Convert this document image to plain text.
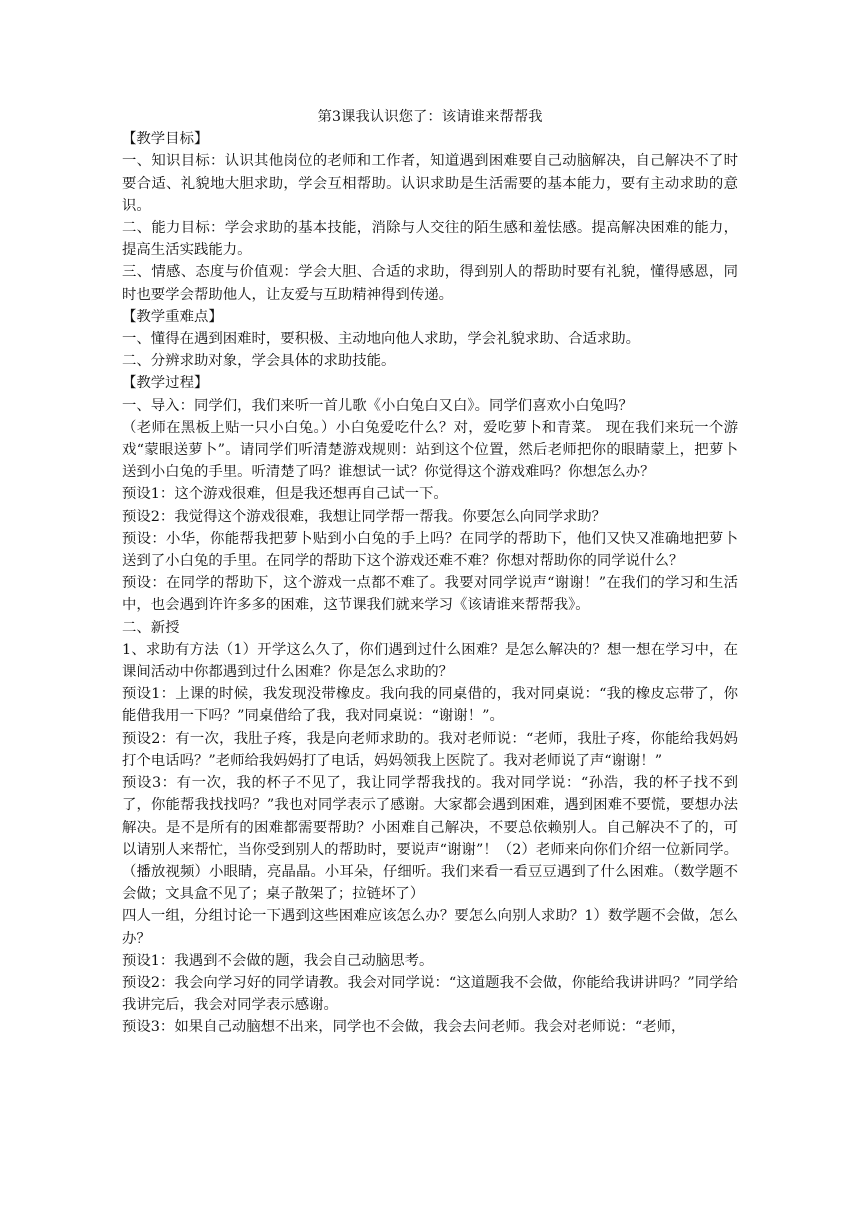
第3课我认识您了：该请谁来帮帮我

【教学目标】

一、知识目标：认识其他岗位的老师和工作者，知道遇到困难要自己动脑解决，自己解决不了时要合适、礼貌地大胆求助，学会互相帮助。认识求助是生活需要的基本能力，要有主动求助的意识。

二、能力目标：学会求助的基本技能，消除与人交往的陌生感和羞怯感。提高解决困难的能力，提高生活实践能力。

三、情感、态度与价值观：学会大胆、合适的求助，得到别人的帮助时要有礼貌，懂得感恩，同时也要学会帮助他人，让友爱与互助精神得到传递。

【教学重难点】

一、懂得在遇到困难时，要积极、主动地向他人求助，学会礼貌求助、合适求助。

二、分辨求助对象，学会具体的求助技能。

【教学过程】

一、导入：同学们，我们来听一首儿歌《小白兔白又白》。同学们喜欢小白兔吗？

（老师在黑板上贴一只小白兔。）小白兔爱吃什么？对，爱吃萝卜和青菜。 现在我们来玩一个游戏“蒙眼送萝卜”。请同学们听清楚游戏规则：站到这个位置，然后老师把你的眼睛蒙上，把萝卜送到小白兔的手里。听清楚了吗？谁想试一试？你觉得这个游戏难吗？你想怎么办？

预设1：这个游戏很难，但是我还想再自己试一下。

预设2：我觉得这个游戏很难，我想让同学帮一帮我。你要怎么向同学求助？

预设：小华，你能帮我把萝卜贴到小白兔的手上吗？在同学的帮助下，他们又快又准确地把萝卜送到了小白兔的手里。在同学的帮助下这个游戏还难不难？你想对帮助你的同学说什么？

预设：在同学的帮助下，这个游戏一点都不难了。我要对同学说声“谢谢！”在我们的学习和生活中，也会遇到许许多多的困难，这节课我们就来学习《该请谁来帮帮我》。

二、新授

1、求助有方法（1）开学这么久了，你们遇到过什么困难？是怎么解决的？想一想在学习中，在课间活动中你都遇到过什么困难？你是怎么求助的？

预设1：上课的时候，我发现没带橡皮。我向我的同桌借的，我对同桌说：“我的橡皮忘带了，你能借我用一下吗？”同桌借给了我，我对同桌说：“谢谢！”。

预设2：有一次，我肚子疼，我是向老师求助的。我对老师说：“老师，我肚子疼，你能给我妈妈打个电话吗？”老师给我妈妈打了电话，妈妈领我上医院了。我对老师说了声“谢谢！”

预设3：有一次，我的杯子不见了，我让同学帮我找的。我对同学说：“孙浩，我的杯子找不到了，你能帮我找找吗？”我也对同学表示了感谢。大家都会遇到困难，遇到困难不要慌，要想办法解决。是不是所有的困难都需要帮助？小困难自己解决，不要总依赖别人。自己解决不了的，可以请别人来帮忙，当你受到别人的帮助时，要说声“谢谢”！（2）老师来向你们介绍一位新同学。（播放视频）小眼睛，亮晶晶。小耳朵，仔细听。我们来看一看豆豆遇到了什么困难。（数学题不会做；文具盒不见了；桌子散架了；拉链坏了）

四人一组，分组讨论一下遇到这些困难应该怎么办？要怎么向别人求助？1）数学题不会做，怎么办？

预设1：我遇到不会做的题，我会自己动脑思考。

预设2：我会向学习好的同学请教。我会对同学说：“这道题我不会做，你能给我讲讲吗？”同学给我讲完后，我会对同学表示感谢。

预设3：如果自己动脑想不出来，同学也不会做，我会去问老师。我会对老师说：“老师，
